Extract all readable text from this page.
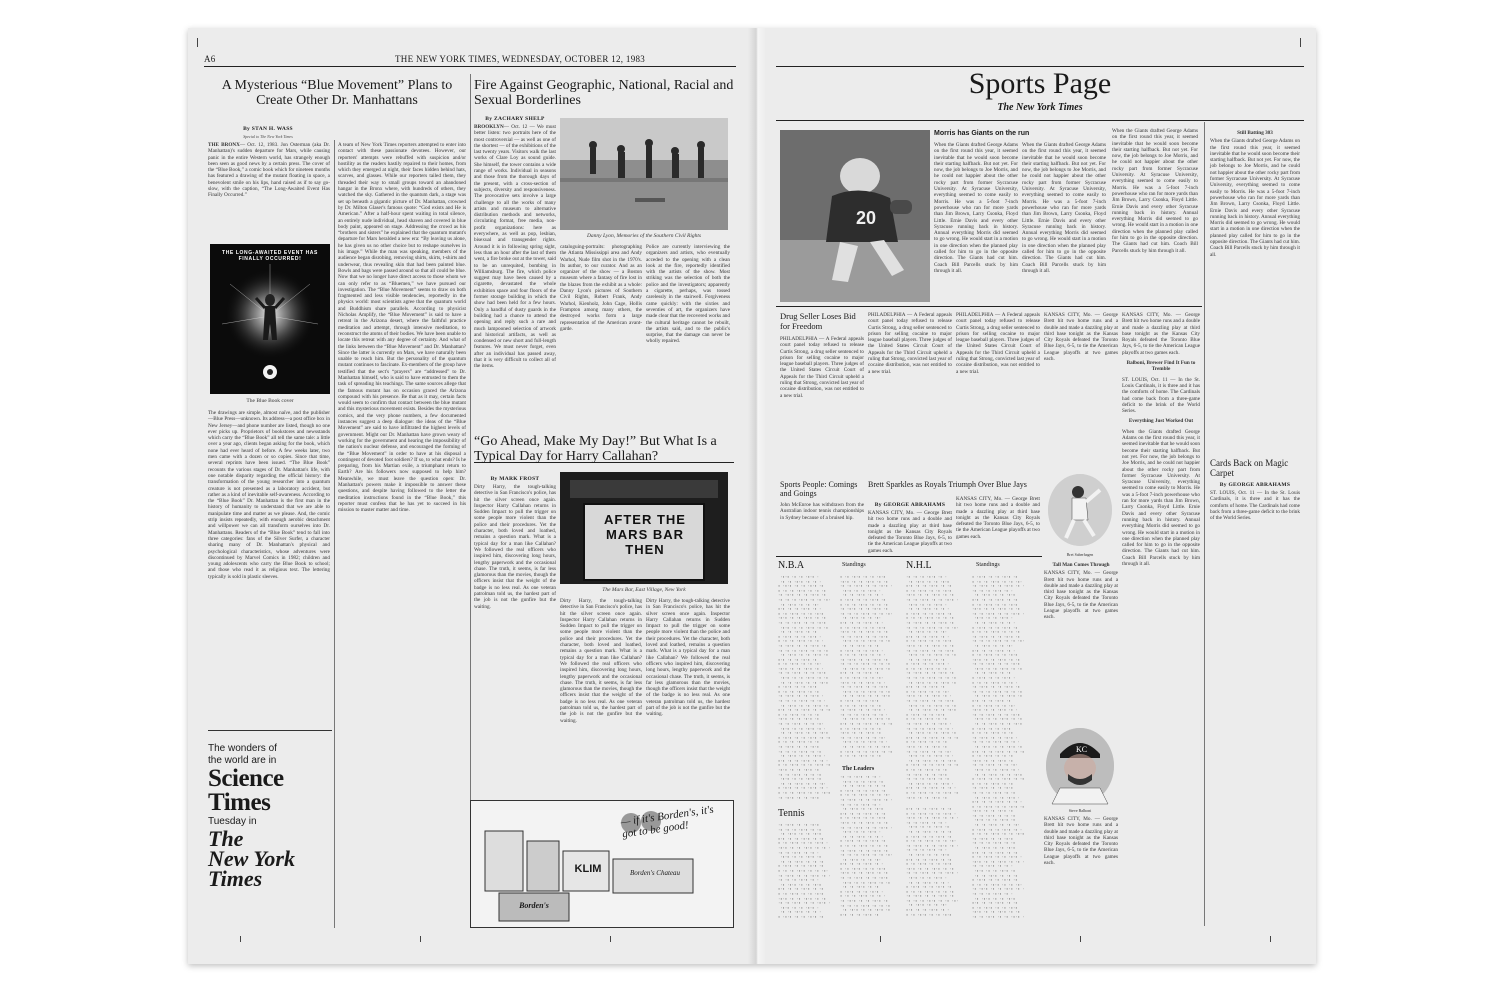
A6	THE NEW YORK TIMES, WEDNESDAY, OCTOBER 12, 1983
A Mysterious “Blue Movement” Plans to Create Other Dr. Manhattans
By STAN H. WASS
Special to The New York Times
THE BRONX— Oct. 12, 1983. Jon Osterman (aka Dr. Manhattan)'s sudden departure for Mars, while causing panic in the entire Western world, has strangely enough been seen as good news by a certain press. The cover of the “Blue Book,” a comic book which for nineteen months has featured a drawing of the mutant floating in space, a benevolent smile on his lips, hand raised as if to say go-slow, with the caption, “The Long-Awaited Event Has Finally Occurred.”
THE LONG-AWAITED EVENT HAS FINALLY OCCURRED!
The Blue Book cover
The drawings are simple, almost naïve, and the publisher—Blue Press—unknown. Its address—a post office box in New Jersey—and phone number are listed, though no one ever picks up. Proprietors of bookstores and newsstands which carry the “Blue Book” all tell the same tale: a little over a year ago, clients began asking for the book, which none had ever heard of before. A few weeks later, two men came with a dozen or so copies. Since that time, several reprints have been issued. “The Blue Book” recounts the various stages of Dr. Manhattan's life, with one notable disparity regarding the official history: the transformation of the young researcher into a quantum creature is not presented as a laboratory accident, but rather as a kind of inevitable self-awareness. According to the “Blue Book” Dr. Manhattan is the first man in the history of humanity to understand that we are able to manipulate time and matter as we please. And, the comic strip insists repeatedly, with enough aerobic detachment and willpower we can all transform ourselves into Dr. Manhattans. Readers of the “Blue Book” tend to fall into three categories: fans of the Silver Surfer, a character sharing many of Dr. Manhattan's physical and psychological characteristics, whose adventures were discontinued by Marvel Comics in 1982; children and young adolescents who carry the Blue Book to school; and those who read it as religious text. The lettering typically is sold in plastic sleeves.
A team of New York Times reporters attempted to enter into contact with these passionate devotees. However, our reporters' attempts were rebuffed with suspicion and/or hostility as the readers hastily repaired to their homes, from which they emerged at night, their faces hidden behind hats, scarves, and glasses. While our reporters tailed them, they threaded their way to small groups toward an abandoned hangar in the Bronx where, with hundreds of others, they watched the sky. Gathered in the quantum dark, a stage was set up beneath a gigantic picture of Dr. Manhattan, crowned by Dr. Milton Glaser's famous quote: “God exists and He is American.” After a half-hour spent waiting in total silence, an entirely nude individual, head shaven and covered in blue body paint, appeared on stage. Addressing the crowd as his “brothers and sisters” he explained that the quantum mutant's departure for Mars heralded a new era: “By leaving us alone, he has given us no other choice but to reshape ourselves in his image.” While the man was speaking, members of the audience began disrobing, removing shirts, skirts, t-shirts and underwear, thus revealing skin that had been painted blue. Bowls and bags were passed around so that all could be blue. Now that we no longer have direct access to those whom we can only refer to as “Bluemen,” we have pursued our investigation. The “Blue Movement” seems to draw on both fragmented and less visible tendencies, reportedly in the physics world: most scientists agree that the quantum world and Buddhism share parallels. According to physicist Nicholas Amplify, the “Blue Movement” is said to have a retreat in the Arizona desert, where the faithful practice meditation and attempt, through intensive meditation, to reconstruct the atoms of their bodies. We have been unable to locate this retreat with any degree of certainty. And what of the links between the “Blue Movement” and Dr. Manhattan? Since the latter is currently on Mars, we have naturally been unable to reach him. But the personality of the quantum mutant continues to fascinate. Ex-members of the group have testified that the sect's “prayers” are “addressed” to Dr. Manhattan himself, who is said to have entrusted to them the task of spreading his teachings. The same sources allege that the famous mutant has on occasion graced the Arizona compound with his presence. Be that as it may, certain facts would seem to confirm that contact between the blue mutant and this mysterious movement exists. Besides the mysterious comics, and the very phone numbers, a few documented instances suggest a deep dialogue: the ideas of the “Blue Movement” are said to have infiltrated the highest levels of government. Might our Dr. Manhattan have grown weary of working for the government and hearing the impossibility of the nation's nuclear defense, and encouraged the forming of the “Blue Movement” in order to have at his disposal a contingent of devoted foot soldiers? If so, to what ends? Is he preparing, from his Martian exile, a triumphant return to Earth? Are his followers now supposed to help him? Meanwhile, we must leave the question open: Dr. Manhattan's powers make it impossible to answer these questions, and despite having followed to the letter the meditation instructions found in the “Blue Book,” this reporter must confess that he has yet to succeed in his mission to master matter and time.
The wonders of
the world are in
Science
Times
Tuesday in
The
New York
Times
Fire Against Geographic, National, Racial and Sexual Borderlines
By ZACHARY SHELP
BROOKLYN— Oct. 12 — We must better listen: two portraits here of the most controversial — as well as one of the shortest — of the exhibitions of the last twenty years. Visitors walk the last works of Clare Loy as sound guide. She himself, the tower contains a wide range of works. Individual in seasons and those from the thorough days of the present, with a cross-section of subjects, diversity and responsiveness. The provocative sets involve a large challenge to all the works of many artists and museum to alternative distribution methods and networks, circulating format, free media, non-profit organizations: here as everywhere, as well as pop, lesbian, bisexual and transgender rights. Around it is in following spring sight, less than an hour after the last of them went, a fire broke out at the tower, said to be an unrequited, bombing in Williamsburg. The fire, which police suggest may have been caused by a cigarette, devastated the whole exhibition space and four floors of the former storage building in which the show had been held for a few hours. Only a handful of dusty guards in the building had a chance to attend the opening and reply such a rare and much lampooned selection of artwork and historical artifacts, as well as condensed or new short and full-length features. We must never forget, even after an individual has passed away, that it is very difficult to collect all of the items.
Danny Lyon, Memories of the Southern Civil Rights
cataloguing-portraits: photographing the Atlanta Mississippi area and Andy Warhol, Nude film shot in the 1970's. Its author, to our curator. And as an organizer of the show — a Boston museum where a fantasy of fire lost in the blazes from the exhibit as a whole: Danny Lyon's pictures of Southern Civil Rights, Robert Frank, Andy Warhol, Kienholz, John Cage, Hollis Frampton among many others, the destroyed works form a large representation of the American avant-garde.
Police are currently interviewing the organizers and artists, who eventually acceded to the opening with a clean look at the fire, reportedly identified with the artists of the show. Most striking was the selection of both the police and the investigators; apparently a cigarette, perhaps, was tossed carelessly in the stairwell. Forgiveness came quickly: with the sixties and seventies of art, the organizers have made clear that the recovered works and the cultural heritage cannot be rebuilt, the artists said, and to the public's surprise, that the damage can never be wholly repaired.
“Go Ahead, Make My Day!” But What Is a Typical Day for Harry Callahan?
By MARK FROST
Dirty Harry, the tough-talking detective in San Francisco's police, has hit the silver screen once again. Inspector Harry Callahan returns in Sudden Impact to pull the trigger on some people more violent than the police and their procedures. Yet the character, both loved and loathed, remains a question mark. What is a typical day for a man like Callahan? We followed the real officers who inspired him, discovering long hours, lengthy paperwork and the occasional chase. The truth, it seems, is far less glamorous than the movies, though the officers insist that the weight of the badge is no less real. As one veteran patrolman told us, the hardest part of the job is not the gunfire but the waiting.
AFTER THE MARS BAR THEN
The Mars Bar, East Village, New York
Dirty Harry, the tough-talking detective in San Francisco's police, has hit the silver screen once again. Inspector Harry Callahan returns in Sudden Impact to pull the trigger on some people more violent than the police and their procedures. Yet the character, both loved and loathed, remains a question mark. What is a typical day for a man like Callahan? We followed the real officers who inspired him, discovering long hours, lengthy paperwork and the occasional chase. The truth, it seems, is far less glamorous than the movies, though the officers insist that the weight of the badge is no less real. As one veteran patrolman told us, the hardest part of the job is not the gunfire but the waiting.
Dirty Harry, the tough-talking detective in San Francisco's police, has hit the silver screen once again. Inspector Harry Callahan returns in Sudden Impact to pull the trigger on some people more violent than the police and their procedures. Yet the character, both loved and loathed, remains a question mark. What is a typical day for a man like Callahan? We followed the real officers who inspired him, discovering long hours, lengthy paperwork and the occasional chase. The truth, it seems, is far less glamorous than the movies, though the officers insist that the weight of the badge is no less real. As one veteran patrolman told us, the hardest part of the job is not the gunfire but the waiting.
— if it's Borden's, it's got to be good!
KLIM	Borden's Chateau
Borden's
Sports Page
The New York Times
20
Morris has Giants on the run
When the Giants drafted George Adams on the first round this year, it seemed inevitable that he would soon become their starting halfback. But not yet. For now, the job belongs to Joe Morris, and he could not happier about the other rocky part from former Sycracuse University. At Syracuse University, everything seemed to come easily to Morris. He was a 5-foot 7-inch powerhouse who ran for more yards than Jim Brown, Larry Csonka, Floyd Little. Ernie Davis and every other Syracuse running back in history. Annual everything Morris did seemed to go wrong. He would start in a motion in one direction when the planned play called for him to go in the opposite direction. The Giants had cut him. Coach Bill Parcells stuck by him through it all.
When the Giants drafted George Adams on the first round this year, it seemed inevitable that he would soon become their starting halfback. But not yet. For now, the job belongs to Joe Morris, and he could not happier about the other rocky part from former Sycracuse University. At Syracuse University, everything seemed to come easily to Morris. He was a 5-foot 7-inch powerhouse who ran for more yards than Jim Brown, Larry Csonka, Floyd Little. Ernie Davis and every other Syracuse running back in history. Annual everything Morris did seemed to go wrong. He would start in a motion in one direction when the planned play called for him to go in the opposite direction. The Giants had cut him. Coach Bill Parcells stuck by him through it all.
When the Giants drafted George Adams on the first round this year, it seemed inevitable that he would soon become their starting halfback. But not yet. For now, the job belongs to Joe Morris, and he could not happier about the other rocky part from former Sycracuse University. At Syracuse University, everything seemed to come easily to Morris. He was a 5-foot 7-inch powerhouse who ran for more yards than Jim Brown, Larry Csonka, Floyd Little. Ernie Davis and every other Syracuse running back in history. Annual everything Morris did seemed to go wrong. He would start in a motion in one direction when the planned play called for him to go in the opposite direction. The Giants had cut him. Coach Bill Parcells stuck by him through it all.
Still Batting 303
When the Giants drafted George Adams on the first round this year, it seemed inevitable that he would soon become their starting halfback. But not yet. For now, the job belongs to Joe Morris, and he could not happier about the other rocky part from former Sycracuse University. At Syracuse University, everything seemed to come easily to Morris. He was a 5-foot 7-inch powerhouse who ran for more yards than Jim Brown, Larry Csonka, Floyd Little. Ernie Davis and every other Syracuse running back in history. Annual everything Morris did seemed to go wrong. He would start in a motion in one direction when the planned play called for him to go in the opposite direction. The Giants had cut him. Coach Bill Parcells stuck by him through it all.
Cards Back on Magic Carpet
By GEORGE ABRAHAMS
ST. LOUIS, Oct. 11 — In the St. Louis Cardinals, it is three and it has the comforts of home. The Cardinals had come back from a three-game deficit to the brink of the World Series.
Drug Seller Loses Bid for Freedom
PHILADELPHIA — A Federal appeals court panel today refused to release Curtis Strong, a drug seller sentenced to prison for selling cocaine to major league baseball players. Three judges of the United States Circuit Court of Appeals for the Third Circuit upheld a ruling that Strong, convicted last year of cocaine distribution, was not entitled to a new trial.
PHILADELPHIA — A Federal appeals court panel today refused to release Curtis Strong, a drug seller sentenced to prison for selling cocaine to major league baseball players. Three judges of the United States Circuit Court of Appeals for the Third Circuit upheld a ruling that Strong, convicted last year of cocaine distribution, was not entitled to a new trial.
PHILADELPHIA — A Federal appeals court panel today refused to release Curtis Strong, a drug seller sentenced to prison for selling cocaine to major league baseball players. Three judges of the United States Circuit Court of Appeals for the Third Circuit upheld a ruling that Strong, convicted last year of cocaine distribution, was not entitled to a new trial.
KANSAS CITY, Mo. — George Brett hit two home runs and a double and made a dazzling play at third base tonight as the Kansas City Royals defeated the Toronto Blue Jays, 6-5, to tie the American League playoffs at two games each.
KANSAS CITY, Mo. — George Brett hit two home runs and a double and made a dazzling play at third base tonight as the Kansas City Royals defeated the Toronto Blue Jays, 6-5, to tie the American League playoffs at two games each.
Balboni, Brewer Find It Fun to Tremble
ST. LOUIS, Oct. 11 — In the St. Louis Cardinals, it is three and it has the comforts of home. The Cardinals had come back from a three-game deficit to the brink of the World Series.
Everything Just Worked Out
When the Giants drafted George Adams on the first round this year, it seemed inevitable that he would soon become their starting halfback. But not yet. For now, the job belongs to Joe Morris, and he could not happier about the other rocky part from former Sycracuse University. At Syracuse University, everything seemed to come easily to Morris. He was a 5-foot 7-inch powerhouse who ran for more yards than Jim Brown, Larry Csonka, Floyd Little. Ernie Davis and every other Syracuse running back in history. Annual everything Morris did seemed to go wrong. He would start in a motion in one direction when the planned play called for him to go in the opposite direction. The Giants had cut him. Coach Bill Parcells stuck by him through it all.
Sports People: Comings and Goings
John McEnroe has withdrawn from the Australian indoor tennis championships in Sydney because of a bruised hip.
Brett Sparkles as Royals Triumph Over Blue Jays
By GEORGE ABRAHAMS
KANSAS CITY, Mo. — George Brett hit two home runs and a double and made a dazzling play at third base tonight as the Kansas City Royals defeated the Toronto Blue Jays, 6-5, to tie the American League playoffs at two games each.
KANSAS CITY, Mo. — George Brett hit two home runs and a double and made a dazzling play at third base tonight as the Kansas City Royals defeated the Toronto Blue Jays, 6-5, to tie the American League playoffs at two games each.
Bret Saberhagen
Tall Man Comes Through
KANSAS CITY, Mo. — George Brett hit two home runs and a double and made a dazzling play at third base tonight as the Kansas City Royals defeated the Toronto Blue Jays, 6-5, to tie the American League playoffs at two games each.
KC
Steve Balboni
KANSAS CITY, Mo. — George Brett hit two home runs and a double and made a dazzling play at third base tonight as the Kansas City Royals defeated the Toronto Blue Jays, 6-5, to tie the American League playoffs at two games each.
N.B.A	Standings	N.H.L	Standings
·▪·▪ ·▪ ·▪ ·▪·▪ ·
·▪ ·▪ ·▪·▪ ·▪ ·▪ ·
▪ ·▪·▪ ·▪ ·▪ ·▪·▪ ·▪
▪ ·▪ ·▪ ·▪·▪ ·▪ ·▪ ·▪
·▪ ·▪·▪ ·▪ ·▪ ·▪·▪ ·▪
·▪ ·▪ ·▪ ·▪·▪ ·▪ ·▪ ·▪·
·▪ ·▪·▪ ·▪ ·▪ ·▪·
▪·▪ ·▪ ·▪ ·▪·▪ ·▪ ·
▪ ·▪ ·▪·▪ ·▪ ·▪ ·▪·▪
·▪·▪ ·▪ ·▪ ·▪·▪ ·▪ ·▪
·▪ ·▪ ·▪·▪ ·▪ ·▪ ·▪·▪
·▪·▪ ·▪ ·▪ ·▪·▪ ·▪ ·▪
·▪ ·▪ ·▪·▪ ·▪ ·▪
▪ ·▪·▪ ·▪ ·▪ ·▪·▪ ·
▪ ·▪ ·▪ ·▪·▪ ·▪ ·▪ ·
·▪ ·▪·▪ ·▪ ·▪ ·▪·▪ ·▪
·▪ ·▪ ·▪ ·▪·▪ ·▪ ·▪ ·▪
·▪ ·▪·▪ ·▪ ·▪ ·▪·▪ ·▪
▪·▪ ·▪ ·▪ ·▪·▪ ·▪
▪ ·▪ ·▪·▪ ·▪ ·▪ ·▪·
·▪·▪ ·▪ ·▪ ·▪·▪ ·▪ ·
·▪ ·▪ ·▪·▪ ·▪ ·▪ ·▪·▪
·▪·▪ ·▪ ·▪ ·▪·▪ ·▪ ·▪
·▪ ·▪ ·▪·▪ ·▪ ·▪ ·▪·▪
▪ ·▪·▪ ·▪ ·▪ ·▪·▪
▪ ·▪ ·▪ ·▪·▪ ·▪ ·▪
·▪ ·▪·▪ ·▪ ·▪ ·▪·▪ ·
·▪ ·▪ ·▪ ·▪·▪ ·▪ ·▪ ·
·▪ ·▪·▪ ·▪ ·▪ ·▪·▪ ·▪
▪·▪ ·▪ ·▪ ·▪·▪ ·▪ ·▪ ·▪
▪ ·▪ ·▪·▪ ·▪ ·▪ ·▪
·▪·▪ ·▪ ·▪ ·▪·▪ ·▪
·▪ ·▪ ·▪·▪ ·▪ ·▪ ·▪·
·▪·▪ ·▪ ·▪ ·▪·▪ ·▪ ·
·▪ ·▪ ·▪·▪ ·▪ ·▪ ·▪·▪
▪ ·▪·▪ ·▪ ·▪ ·▪·▪ ·▪ ·▪
▪ ·▪ ·▪ ·▪·▪ ·▪ ·▪
·▪ ·▪·▪ ·▪ ·▪ ·▪·▪
·▪ ·▪ ·▪ ·▪·▪ ·▪ ·▪
·▪ ·▪·▪ ·▪ ·▪ ·▪·▪ ·
▪·▪ ·▪ ·▪ ·▪·▪ ·▪ ·▪ ·
▪ ·▪ ·▪·▪ ·▪ ·▪ ·▪·▪ ·▪
·▪·▪ ·▪ ·▪ ·▪·▪ ·▪
·▪ ·▪ ·▪·▪ ·▪ ·▪ ·▪
·▪·▪ ·▪ ·▪ ·▪·▪ ·▪
·▪ ·▪ ·▪·▪ ·▪ ·▪ ·▪·
▪ ·▪·▪ ·▪ ·▪ ·▪·▪ ·▪ ·
▪ ·▪ ·▪ ·▪·▪ ·▪ ·▪ ·▪·▪
·▪ ·▪·▪ ·▪ ·▪ ·▪·▪

▪ ·▪ ·▪·▪ ·▪ ·▪ ·▪·▪
·▪·▪ ·▪ ·▪ ·▪·▪ ·▪ ·▪
·▪ ·▪ ·▪·▪ ·▪ ·▪ ·▪·▪ ·
·▪·▪ ·▪ ·▪ ·▪·▪ ·
·▪ ·▪ ·▪·▪ ·▪ ·▪ ·
▪ ·▪·▪ ·▪ ·▪ ·▪·▪ ·▪
▪ ·▪ ·▪ ·▪·▪ ·▪ ·▪ ·▪
·▪ ·▪·▪ ·▪ ·▪ ·▪·▪ ·▪
·▪ ·▪ ·▪ ·▪·▪ ·▪ ·▪ ·▪·
·▪ ·▪·▪ ·▪ ·▪ ·▪·
▪·▪ ·▪ ·▪ ·▪·▪ ·▪ ·
▪ ·▪ ·▪·▪ ·▪ ·▪ ·▪·▪
·▪·▪ ·▪ ·▪ ·▪·▪ ·▪ ·▪
·▪ ·▪ ·▪·▪ ·▪ ·▪ ·▪·▪
·▪·▪ ·▪ ·▪ ·▪·▪ ·▪ ·▪
·▪ ·▪ ·▪·▪ ·▪ ·▪
▪ ·▪·▪ ·▪ ·▪ ·▪·▪ ·
▪ ·▪ ·▪ ·▪·▪ ·▪ ·▪ ·
·▪ ·▪·▪ ·▪ ·▪ ·▪·▪ ·▪
·▪ ·▪ ·▪ ·▪·▪ ·▪ ·▪ ·▪
·▪ ·▪·▪ ·▪ ·▪ ·▪·▪ ·▪
▪·▪ ·▪ ·▪ ·▪·▪ ·▪
▪ ·▪ ·▪·▪ ·▪ ·▪ ·▪·
·▪·▪ ·▪ ·▪ ·▪·▪ ·▪ ·
·▪ ·▪ ·▪·▪ ·▪ ·▪ ·▪·▪
·▪·▪ ·▪ ·▪ ·▪·▪ ·▪ ·▪
·▪ ·▪ ·▪·▪ ·▪ ·▪ ·▪·▪
▪ ·▪·▪ ·▪ ·▪ ·▪·▪
▪ ·▪ ·▪ ·▪·▪ ·▪ ·▪
·▪ ·▪·▪ ·▪ ·▪ ·▪·▪ ·
·▪ ·▪ ·▪ ·▪·▪ ·▪ ·▪ ·
·▪ ·▪·▪ ·▪ ·▪ ·▪·▪ ·▪
▪·▪ ·▪ ·▪ ·▪·▪ ·▪ ·▪ ·▪
▪ ·▪ ·▪·▪ ·▪ ·▪ ·▪
·▪·▪ ·▪ ·▪ ·▪·▪ ·▪
·▪ ·▪ ·▪·▪ ·▪ ·▪ ·▪·
·▪·▪ ·▪ ·▪ ·▪·▪ ·▪ ·
·▪ ·▪ ·▪·▪ ·▪ ·▪ ·▪·▪
▪ ·▪·▪ ·▪ ·▪ ·▪·▪ ·▪ ·▪
▪ ·▪ ·▪ ·▪·▪ ·▪ ·▪

·▪ ·▪ ·▪ ·▪·▪ ·▪ ·
·▪ ·▪·▪ ·▪ ·▪ ·▪·▪
▪·▪ ·▪ ·▪ ·▪·▪ ·▪ ·▪
▪ ·▪ ·▪·▪ ·▪ ·▪ ·▪·▪
·▪·▪ ·▪ ·▪ ·▪·▪ ·▪ ·▪
·▪ ·▪ ·▪·▪ ·▪ ·▪ ·▪·▪ ·
·▪·▪ ·▪ ·▪ ·▪·▪ ·
·▪ ·▪ ·▪·▪ ·▪ ·▪ ·
▪ ·▪·▪ ·▪ ·▪ ·▪·▪ ·▪
▪ ·▪ ·▪ ·▪·▪ ·▪ ·▪ ·▪
·▪ ·▪·▪ ·▪ ·▪ ·▪·▪ ·▪
·▪ ·▪ ·▪ ·▪·▪ ·▪ ·▪ ·▪·
·▪ ·▪·▪ ·▪ ·▪ ·▪·
▪·▪ ·▪ ·▪ ·▪·▪ ·▪ ·
▪ ·▪ ·▪·▪ ·▪ ·▪ ·▪·▪
·▪·▪ ·▪ ·▪ ·▪·▪ ·▪ ·▪
·▪ ·▪ ·▪·▪ ·▪ ·▪ ·▪·▪
·▪·▪ ·▪ ·▪ ·▪·▪ ·▪ ·▪
·▪ ·▪ ·▪·▪ ·▪ ·▪
▪ ·▪·▪ ·▪ ·▪ ·▪·▪ ·
▪ ·▪ ·▪ ·▪·▪ ·▪ ·▪ ·
·▪ ·▪·▪ ·▪ ·▪ ·▪·▪ ·▪
·▪ ·▪ ·▪ ·▪·▪ ·▪ ·▪ ·▪
·▪ ·▪·▪ ·▪ ·▪ ·▪·▪ ·▪
▪·▪ ·▪ ·▪ ·▪·▪ ·▪
▪ ·▪ ·▪·▪ ·▪ ·▪ ·▪·
·▪·▪ ·▪ ·▪ ·▪·▪ ·▪ ·
·▪ ·▪ ·▪·▪ ·▪ ·▪ ·▪·▪
·▪·▪ ·▪ ·▪ ·▪·▪ ·▪ ·▪
·▪ ·▪ ·▪·▪ ·▪ ·▪ ·▪·▪
▪ ·▪·▪ ·▪ ·▪ ·▪·▪
▪ ·▪ ·▪ ·▪·▪ ·▪ ·▪
·▪ ·▪·▪ ·▪ ·▪ ·▪·▪ ·
·▪ ·▪ ·▪ ·▪·▪ ·▪ ·▪ ·
·▪ ·▪·▪ ·▪ ·▪ ·▪·▪ ·▪
▪·▪ ·▪ ·▪ ·▪·▪ ·▪ ·▪ ·▪
▪ ·▪ ·▪·▪ ·▪ ·▪ ·▪
·▪·▪ ·▪ ·▪ ·▪·▪ ·▪
·▪ ·▪ ·▪·▪ ·▪ ·▪ ·▪·
·▪·▪ ·▪ ·▪ ·▪·▪ ·▪ ·
·▪ ·▪ ·▪·▪ ·▪ ·▪ ·▪·▪
▪ ·▪·▪ ·▪ ·▪ ·▪·▪ ·▪ ·▪
▪ ·▪ ·▪ ·▪·▪ ·▪ ·▪
·▪ ·▪·▪ ·▪ ·▪ ·▪·▪
·▪ ·▪ ·▪ ·▪·▪ ·▪ ·▪
·▪ ·▪·▪ ·▪ ·▪ ·▪·▪ ·
▪·▪ ·▪ ·▪ ·▪·▪ ·▪ ·▪ ·
▪ ·▪ ·▪·▪ ·▪ ·▪ ·▪·▪ ·▪
·▪·▪ ·▪ ·▪ ·▪·▪ ·▪

▪ ·▪·▪ ·▪ ·▪ ·▪·▪ ·▪
▪ ·▪ ·▪ ·▪·▪ ·▪ ·▪ ·▪·
·▪ ·▪·▪ ·▪ ·▪ ·▪·▪ ·▪ ·
·▪ ·▪ ·▪ ·▪·▪ ·▪ ·
·▪ ·▪·▪ ·▪ ·▪ ·▪·▪
▪·▪ ·▪ ·▪ ·▪·▪ ·▪ ·▪
▪ ·▪ ·▪·▪ ·▪ ·▪ ·▪·▪
·▪·▪ ·▪ ·▪ ·▪·▪ ·▪ ·▪
·▪ ·▪ ·▪·▪ ·▪ ·▪ ·▪·▪ ·
·▪·▪ ·▪ ·▪ ·▪·▪ ·
·▪ ·▪ ·▪·▪ ·▪ ·▪ ·
▪ ·▪·▪ ·▪ ·▪ ·▪·▪ ·▪
▪ ·▪ ·▪ ·▪·▪ ·▪ ·▪ ·▪
·▪ ·▪·▪ ·▪ ·▪ ·▪·▪ ·▪
·▪ ·▪ ·▪ ·▪·▪ ·▪ ·▪ ·▪·
·▪ ·▪·▪ ·▪ ·▪ ·▪·
▪·▪ ·▪ ·▪ ·▪·▪ ·▪ ·
▪ ·▪ ·▪·▪ ·▪ ·▪ ·▪·▪
·▪·▪ ·▪ ·▪ ·▪·▪ ·▪ ·▪
·▪ ·▪ ·▪·▪ ·▪ ·▪ ·▪·▪
·▪·▪ ·▪ ·▪ ·▪·▪ ·▪ ·▪
·▪ ·▪ ·▪·▪ ·▪ ·▪
▪ ·▪·▪ ·▪ ·▪ ·▪·▪ ·
▪ ·▪ ·▪ ·▪·▪ ·▪ ·▪ ·
·▪ ·▪·▪ ·▪ ·▪ ·▪·▪ ·▪
·▪ ·▪ ·▪ ·▪·▪ ·▪ ·▪ ·▪
·▪ ·▪·▪ ·▪ ·▪ ·▪·▪ ·▪
▪·▪ ·▪ ·▪ ·▪·▪ ·▪
▪ ·▪ ·▪·▪ ·▪ ·▪ ·▪·
·▪·▪ ·▪ ·▪ ·▪·▪ ·▪ ·
·▪ ·▪ ·▪·▪ ·▪ ·▪ ·▪·▪
·▪·▪ ·▪ ·▪ ·▪·▪ ·▪ ·▪
·▪ ·▪ ·▪·▪ ·▪ ·▪ ·▪·▪
▪ ·▪·▪ ·▪ ·▪ ·▪·▪
▪ ·▪ ·▪ ·▪·▪ ·▪ ·▪
·▪ ·▪·▪ ·▪ ·▪ ·▪·▪ ·
·▪ ·▪ ·▪ ·▪·▪ ·▪ ·▪ ·
·▪ ·▪·▪ ·▪ ·▪ ·▪·▪ ·▪
▪·▪ ·▪ ·▪ ·▪·▪ ·▪ ·▪ ·▪
▪ ·▪ ·▪·▪ ·▪ ·▪ ·▪
·▪·▪ ·▪ ·▪ ·▪·▪ ·▪
·▪ ·▪ ·▪·▪ ·▪ ·▪ ·▪·
·▪·▪ ·▪ ·▪ ·▪·▪ ·▪ ·
·▪ ·▪ ·▪·▪ ·▪ ·▪ ·▪·▪
▪ ·▪·▪ ·▪ ·▪ ·▪·▪ ·▪ ·▪
▪ ·▪ ·▪ ·▪·▪ ·▪ ·▪
·▪ ·▪·▪ ·▪ ·▪ ·▪·▪
·▪ ·▪ ·▪ ·▪·▪ ·▪ ·▪
·▪ ·▪·▪ ·▪ ·▪ ·▪·▪ ·
▪·▪ ·▪ ·▪ ·▪·▪ ·▪ ·▪ ·
▪ ·▪ ·▪·▪ ·▪ ·▪ ·▪·▪ ·▪
·▪·▪ ·▪ ·▪ ·▪·▪ ·▪
·▪ ·▪ ·▪·▪ ·▪ ·▪ ·▪
·▪·▪ ·▪ ·▪ ·▪·▪ ·▪
·▪ ·▪ ·▪·▪ ·▪ ·▪ ·▪·
▪ ·▪·▪ ·▪ ·▪ ·▪·▪ ·▪ ·
▪ ·▪ ·▪ ·▪·▪ ·▪ ·▪ ·▪·▪
·▪ ·▪·▪ ·▪ ·▪ ·▪·▪
·▪ ·▪ ·▪ ·▪·▪ ·▪ ·▪
·▪ ·▪·▪ ·▪ ·▪ ·▪·▪
▪·▪ ·▪ ·▪ ·▪·▪ ·▪ ·▪
▪ ·▪ ·▪·▪ ·▪ ·▪ ·▪·▪ ·
·▪·▪ ·▪ ·▪ ·▪·▪ ·▪ ·▪ ·
·▪ ·▪ ·▪·▪ ·▪ ·▪ ·
·▪·▪ ·▪ ·▪ ·▪·▪ ·▪
·▪ ·▪ ·▪·▪ ·▪ ·▪ ·▪
▪ ·▪·▪ ·▪ ·▪ ·▪·▪ ·▪
▪ ·▪ ·▪ ·▪·▪ ·▪ ·▪ ·▪·
·▪ ·▪·▪ ·▪ ·▪ ·▪·▪ ·▪ ·
·▪ ·▪ ·▪ ·▪·▪ ·▪ ·
·▪ ·▪·▪ ·▪ ·▪ ·▪·▪
▪·▪ ·▪ ·▪ ·▪·▪ ·▪ ·▪
▪ ·▪ ·▪·▪ ·▪ ·▪ ·▪·▪
·▪·▪ ·▪ ·▪ ·▪·▪ ·▪ ·▪
·▪ ·▪ ·▪·▪ ·▪ ·▪ ·▪·▪ ·

The Leaders
·▪ ·▪ ·▪·▪ ·▪ ·▪ ·
·▪·▪ ·▪ ·▪ ·▪·▪ ·▪
·▪ ·▪ ·▪·▪ ·▪ ·▪ ·▪
▪ ·▪·▪ ·▪ ·▪ ·▪·▪ ·▪
▪ ·▪ ·▪ ·▪·▪ ·▪ ·▪ ·▪·
·▪ ·▪·▪ ·▪ ·▪ ·▪·▪ ·▪ ·
·▪ ·▪ ·▪ ·▪·▪ ·▪ ·
·▪ ·▪·▪ ·▪ ·▪ ·▪·▪
▪·▪ ·▪ ·▪ ·▪·▪ ·▪ ·▪
▪ ·▪ ·▪·▪ ·▪ ·▪ ·▪·▪
·▪·▪ ·▪ ·▪ ·▪·▪ ·▪ ·▪
·▪ ·▪ ·▪·▪ ·▪ ·▪ ·▪·▪ ·
·▪·▪ ·▪ ·▪ ·▪·▪ ·
·▪ ·▪ ·▪·▪ ·▪ ·▪ ·
▪ ·▪·▪ ·▪ ·▪ ·▪·▪ ·▪
▪ ·▪ ·▪ ·▪·▪ ·▪ ·▪ ·▪
·▪ ·▪·▪ ·▪ ·▪ ·▪·▪ ·▪
·▪ ·▪ ·▪ ·▪·▪ ·▪ ·▪ ·▪·
·▪ ·▪·▪ ·▪ ·▪ ·▪·
▪·▪ ·▪ ·▪ ·▪·▪ ·▪ ·
▪ ·▪ ·▪·▪ ·▪ ·▪ ·▪·▪
·▪·▪ ·▪ ·▪ ·▪·▪ ·▪ ·▪
·▪ ·▪ ·▪·▪ ·▪ ·▪ ·▪·▪
·▪·▪ ·▪ ·▪ ·▪·▪ ·▪ ·▪
·▪ ·▪ ·▪·▪ ·▪ ·▪
▪ ·▪·▪ ·▪ ·▪ ·▪·▪ ·
▪ ·▪ ·▪ ·▪·▪ ·▪ ·▪ ·
·▪ ·▪·▪ ·▪ ·▪ ·▪·▪ ·▪
·▪ ·▪ ·▪ ·▪·▪ ·▪ ·▪ ·▪
·▪ ·▪·▪ ·▪ ·▪ ·▪·▪ ·▪
▪·▪ ·▪ ·▪ ·▪·▪ ·▪

▪·▪ ·▪ ·▪ ·▪·▪ ·▪ ·▪
▪ ·▪ ·▪·▪ ·▪ ·▪ ·▪·▪ ·
·▪·▪ ·▪ ·▪ ·▪·▪ ·▪ ·▪ ·
·▪ ·▪ ·▪·▪ ·▪ ·▪ ·
·▪·▪ ·▪ ·▪ ·▪·▪ ·▪
·▪ ·▪ ·▪·▪ ·▪ ·▪ ·▪
▪ ·▪·▪ ·▪ ·▪ ·▪·▪ ·▪
▪ ·▪ ·▪ ·▪·▪ ·▪ ·▪ ·▪·
·▪ ·▪·▪ ·▪ ·▪ ·▪·▪ ·▪ ·
·▪ ·▪ ·▪ ·▪·▪ ·▪ ·
·▪ ·▪·▪ ·▪ ·▪ ·▪·▪
▪·▪ ·▪ ·▪ ·▪·▪ ·▪ ·▪
▪ ·▪ ·▪·▪ ·▪ ·▪ ·▪·▪
·▪·▪ ·▪ ·▪ ·▪·▪ ·▪ ·▪
·▪ ·▪ ·▪·▪ ·▪ ·▪ ·▪·▪ ·
·▪·▪ ·▪ ·▪ ·▪·▪ ·
·▪ ·▪ ·▪·▪ ·▪ ·▪ ·
▪ ·▪·▪ ·▪ ·▪ ·▪·▪ ·▪
▪ ·▪ ·▪ ·▪·▪ ·▪ ·▪ ·▪
·▪ ·▪·▪ ·▪ ·▪ ·▪·▪ ·▪
·▪ ·▪ ·▪ ·▪·▪ ·▪ ·▪ ·▪·
·▪ ·▪·▪ ·▪ ·▪ ·▪·
▪·▪ ·▪ ·▪ ·▪·▪ ·▪ ·
▪ ·▪ ·▪·▪ ·▪ ·▪ ·▪·▪

Tennis
·▪ ·▪·▪ ·▪ ·▪ ·▪·▪
·▪ ·▪ ·▪ ·▪·▪ ·▪ ·▪
·▪ ·▪·▪ ·▪ ·▪ ·▪·▪
▪·▪ ·▪ ·▪ ·▪·▪ ·▪ ·▪
▪ ·▪ ·▪·▪ ·▪ ·▪ ·▪·▪ ·
·▪·▪ ·▪ ·▪ ·▪·▪ ·▪ ·▪ ·
·▪ ·▪ ·▪·▪ ·▪ ·▪ ·
·▪·▪ ·▪ ·▪ ·▪·▪ ·▪
·▪ ·▪ ·▪·▪ ·▪ ·▪ ·▪
▪ ·▪·▪ ·▪ ·▪ ·▪·▪ ·▪
▪ ·▪ ·▪ ·▪·▪ ·▪ ·▪ ·▪·
·▪ ·▪·▪ ·▪ ·▪ ·▪·▪ ·▪ ·
·▪ ·▪ ·▪ ·▪·▪ ·▪ ·
·▪ ·▪·▪ ·▪ ·▪ ·▪·▪
▪·▪ ·▪ ·▪ ·▪·▪ ·▪ ·▪
▪ ·▪ ·▪·▪ ·▪ ·▪ ·▪·▪
·▪·▪ ·▪ ·▪ ·▪·▪ ·▪ ·▪
·▪ ·▪ ·▪·▪ ·▪ ·▪ ·▪·▪ ·
·▪·▪ ·▪ ·▪ ·▪·▪ ·
·▪ ·▪ ·▪·▪ ·▪ ·▪ ·
▪ ·▪·▪ ·▪ ·▪ ·▪·▪ ·▪
